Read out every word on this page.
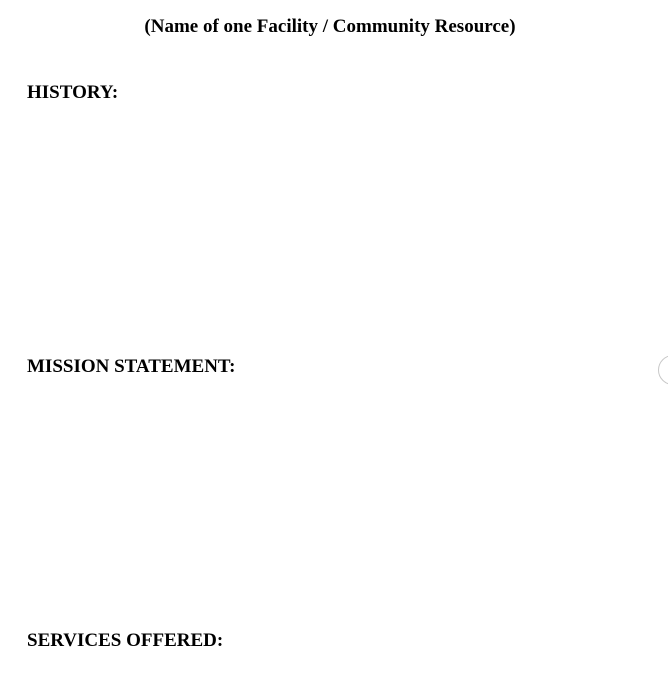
(Name of one Facility / Community Resource)
HISTORY:
MISSION STATEMENT:
SERVICES OFFERED:
